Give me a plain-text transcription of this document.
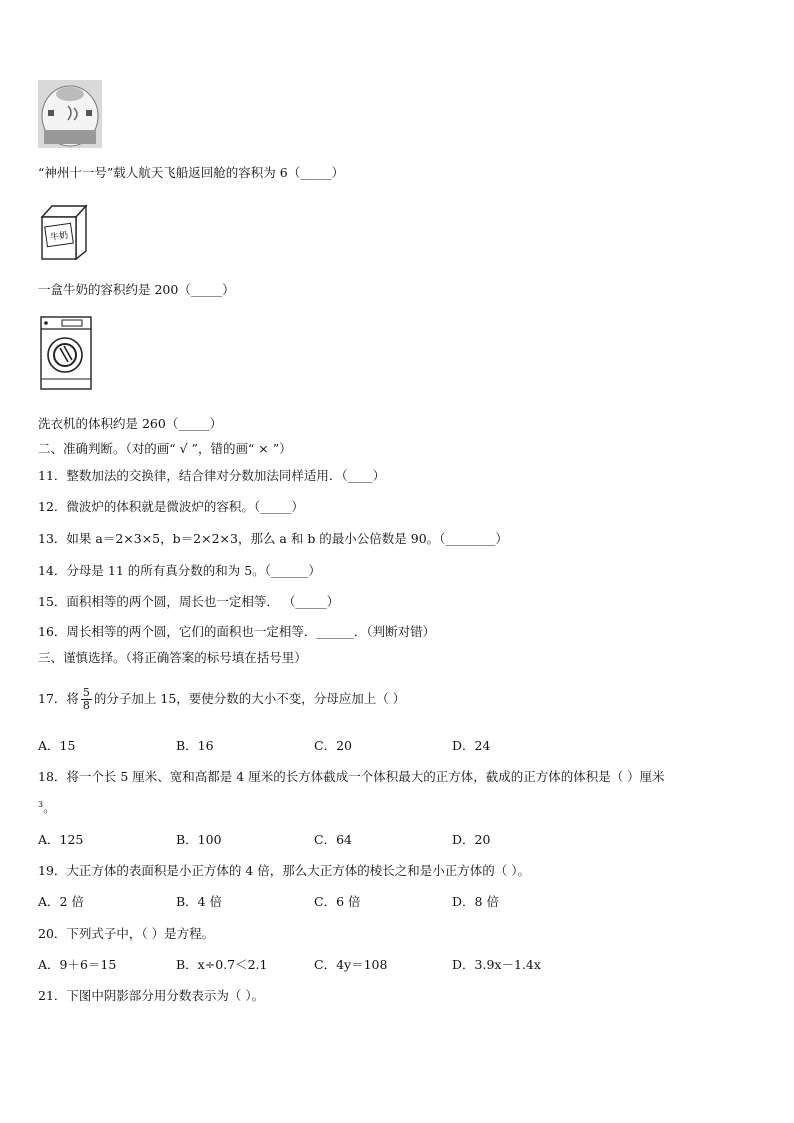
“神州十一号”载人航天飞船返回舱的容积为 6（_____）
牛奶
一盒牛奶的容积约是 200（_____）
洗衣机的体积约是 260（_____）
二、准确判断。（对的画“ √ ”，错的画“ × ”）
11．整数加法的交换律，结合律对分数加法同样适用．（____）
12．微波炉的体积就是微波炉的容积。（_____）
13．如果 a＝2×3×5，b＝2×2×3，那么 a 和 b 的最小公倍数是 90。（________）
14．分母是 11 的所有真分数的和为 5。（______）
15．面积相等的两个圆，周长也一定相等． （_____）
16．周长相等的两个圆，它们的面积也一定相等．______．（判断对错）
三、谨慎选择。（将正确答案的标号填在括号里）
17．将 $\frac{5}{8}$ 的分子加上 15，要使分数的大小不变，分母应加上（ ）
A．15	B．16	C．20	D．24
18．将一个长 5 厘米、宽和高都是 4 厘米的长方体截成一个体积最大的正方体，截成的正方体的体积是（ ）厘米
$^3$。
A．125	B．100	C．64	D．20
19．大正方体的表面积是小正方体的 4 倍，那么大正方体的棱长之和是小正方体的（ ）。
A．2 倍	B．4 倍	C．6 倍	D．8 倍
20．下列式子中，（ ）是方程。
A．9＋6＝15	B．x÷0.7＜2.1	C．4y＝108	D．3.9x－1.4x
21．下图中阴影部分用分数表示为（ ）。
